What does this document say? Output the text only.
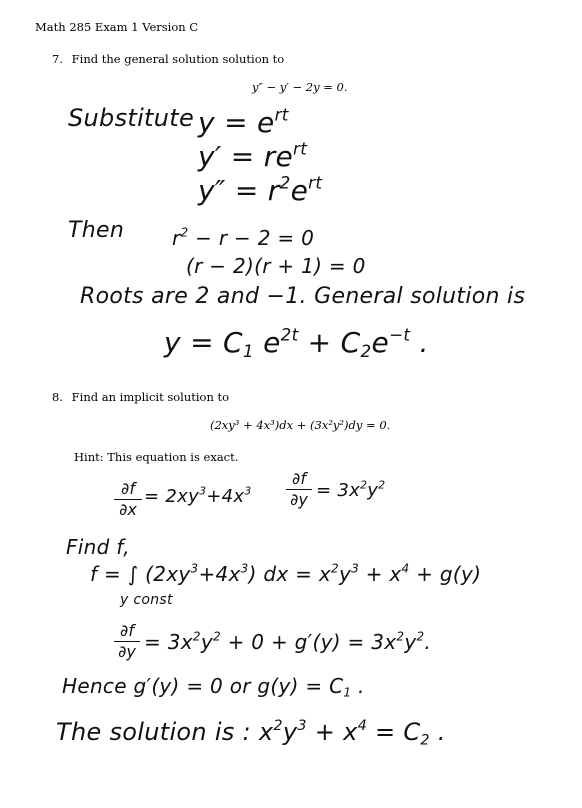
Math 285 Exam 1 Version C
7. Find the general solution solution to
y″ − y′ − 2y = 0.
Substitute $y = e^{rt}$
$y' = re^{rt}$
$y'' = r^2e^{rt}$
Then $r^2 - r - 2 = 0$
(r − 2)(r + 1) = 0
Roots are 2 and −1. General solution is
$y = C_1$ $e^{2t} + C_2e^{-t}$ .
8. Find an implicit solution to
(2xy³ + 4x³)dx + (3x²y²)dy = 0.
Hint: This equation is exact.
∂f
∂x
= $2xy^3+4x^3$
∂f
$\partial y = 3x^2y^2$
Find f,
f = ∫ $(2xy^3+4x^3)$ dx = $x^2y^3 + x^4 + g(y)$
y const
∂f
$\partial y = 3x^2y^2 + 0 + g'(y) = 3x^2y^2$.
Hence g′(y) = 0 or $g(y) = C_1$ .
The solution is : $x^2y^3 + x^4 = C_2$ .
